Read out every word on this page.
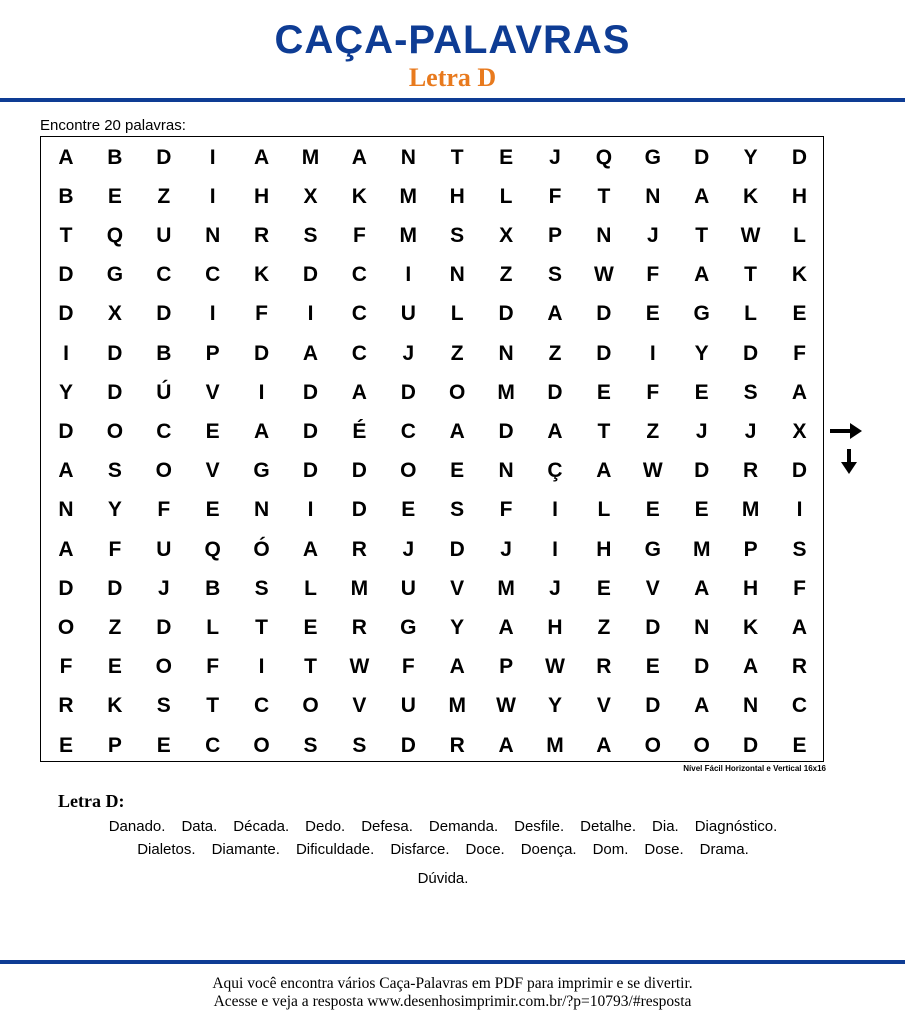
CAÇA-PALAVRAS
Letra D
Encontre 20 palavras:
A	B	D	I	A	M	A	N	T	E	J	Q	G	D	Y	D
B	E	Z	I	H	X	K	M	H	L	F	T	N	A	K	H
T	Q	U	N	R	S	F	M	S	X	P	N	J	T	W	L
D	G	C	C	K	D	C	I	N	Z	S	W	F	A	T	K
D	X	D	I	F	I	C	U	L	D	A	D	E	G	L	E
I	D	B	P	D	A	C	J	Z	N	Z	D	I	Y	D	F
Y	D	Ú	V	I	D	A	D	O	M	D	E	F	E	S	A
D	O	C	E	A	D	É	C	A	D	A	T	Z	J	J	X
A	S	O	V	G	D	D	O	E	N	Ç	A	W	D	R	D
N	Y	F	E	N	I	D	E	S	F	I	L	E	E	M	I
A	F	U	Q	Ó	A	R	J	D	J	I	H	G	M	P	S
D	D	J	B	S	L	M	U	V	M	J	E	V	A	H	F
O	Z	D	L	T	E	R	G	Y	A	H	Z	D	N	K	A
F	E	O	F	I	T	W	F	A	P	W	R	E	D	A	R
R	K	S	T	C	O	V	U	M	W	Y	V	D	A	N	C
E	P	E	C	O	S	S	D	R	A	M	A	O	O	D	E
Nível Fácil Horizontal e Vertical 16x16
Letra D:
Danado. Data. Década. Dedo. Defesa. Demanda. Desfile. Detalhe. Dia. Diagnóstico.
Dialetos. Diamante. Dificuldade. Disfarce. Doce. Doença. Dom. Dose. Drama.
Dúvida.
Aqui você encontra vários Caça-Palavras em PDF para imprimir e se divertir.
Acesse e veja a resposta www.desenhosimprimir.com.br/?p=10793/#resposta
